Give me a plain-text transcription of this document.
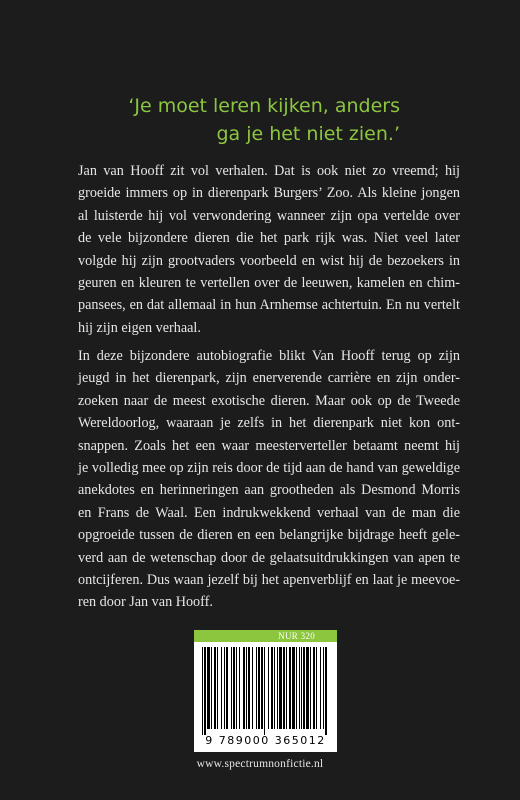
‘Je moet leren kijken, anders
ga je het niet zien.’
Jan van Hooff zit vol verhalen. Dat is ook niet zo vreemd; hij
groeide immers op in dierenpark Burgers’ Zoo. Als kleine jongen
al luisterde hij vol verwondering wanneer zijn opa vertelde over
de vele bijzondere dieren die het park rijk was. Niet veel later
volgde hij zijn grootvaders voorbeeld en wist hij de bezoekers in
geuren en kleuren te vertellen over de leeuwen, kamelen en chim-
pansees, en dat allemaal in hun Arnhemse achtertuin. En nu vertelt
hij zijn eigen verhaal.
In deze bijzondere autobiografie blikt Van Hooff terug op zijn
jeugd in het dierenpark, zijn enerverende carrière en zijn onder-
zoeken naar de meest exotische dieren. Maar ook op de Tweede
Wereldoorlog, waaraan je zelfs in het dierenpark niet kon ont-
snappen. Zoals het een waar meesterverteller betaamt neemt hij
je volledig mee op zijn reis door de tijd aan de hand van geweldige
anekdotes en herinneringen aan grootheden als Desmond Morris
en Frans de Waal. Een indrukwekkend verhaal van de man die
opgroeide tussen de dieren en een belangrijke bijdrage heeft gele-
verd aan de wetenschap door de gelaatsuitdrukkingen van apen te
ontcijferen. Dus waan jezelf bij het apenverblijf en laat je meevoe-
ren door Jan van Hooff.
NUR 320
9 789000 365012
www.spectrumnonfictie.nl
